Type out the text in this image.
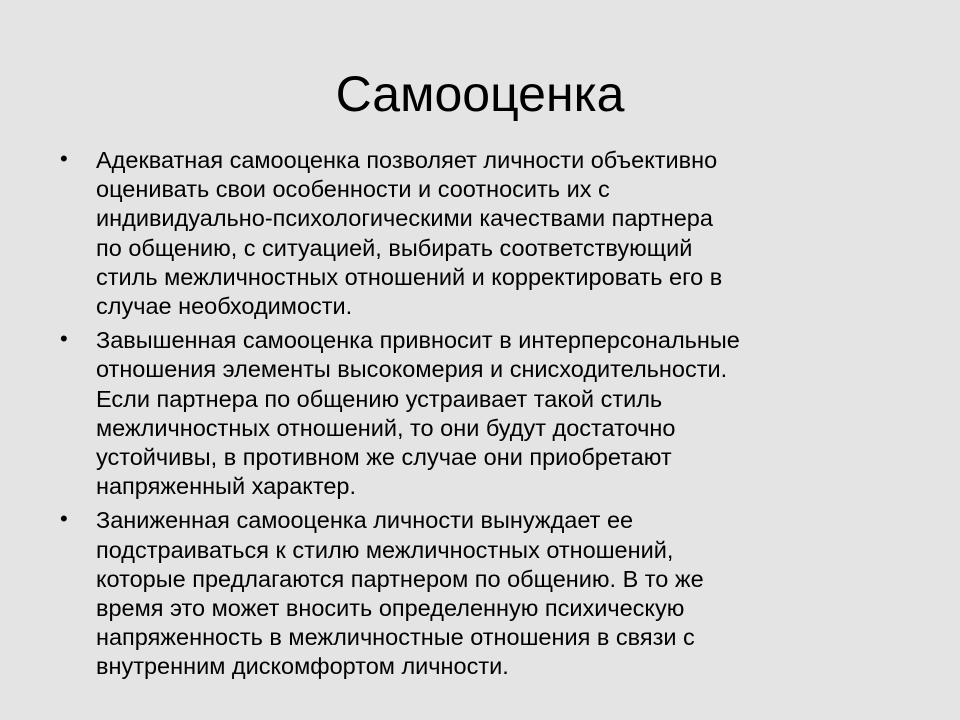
Самооценка
• Адекватная самооценка позволяет личности объективно
оценивать свои особенности и соотносить их с
индивидуально-психологическими качествами партнера
по общению, с ситуацией, выбирать соответствующий
стиль межличностных отношений и корректировать его в
случае необходимости.
• Завышенная самооценка привносит в интерперсональные
отношения элементы высокомерия и снисходительности.
Если партнера по общению устраивает такой стиль
межличностных отношений, то они будут достаточно
устойчивы, в противном же случае они приобретают
напряженный характер.
• Заниженная самооценка личности вынуждает ее
подстраиваться к стилю межличностных отношений,
которые предлагаются партнером по общению. В то же
время это может вносить определенную психическую
напряженность в межличностные отношения в связи с
внутренним дискомфортом личности.
